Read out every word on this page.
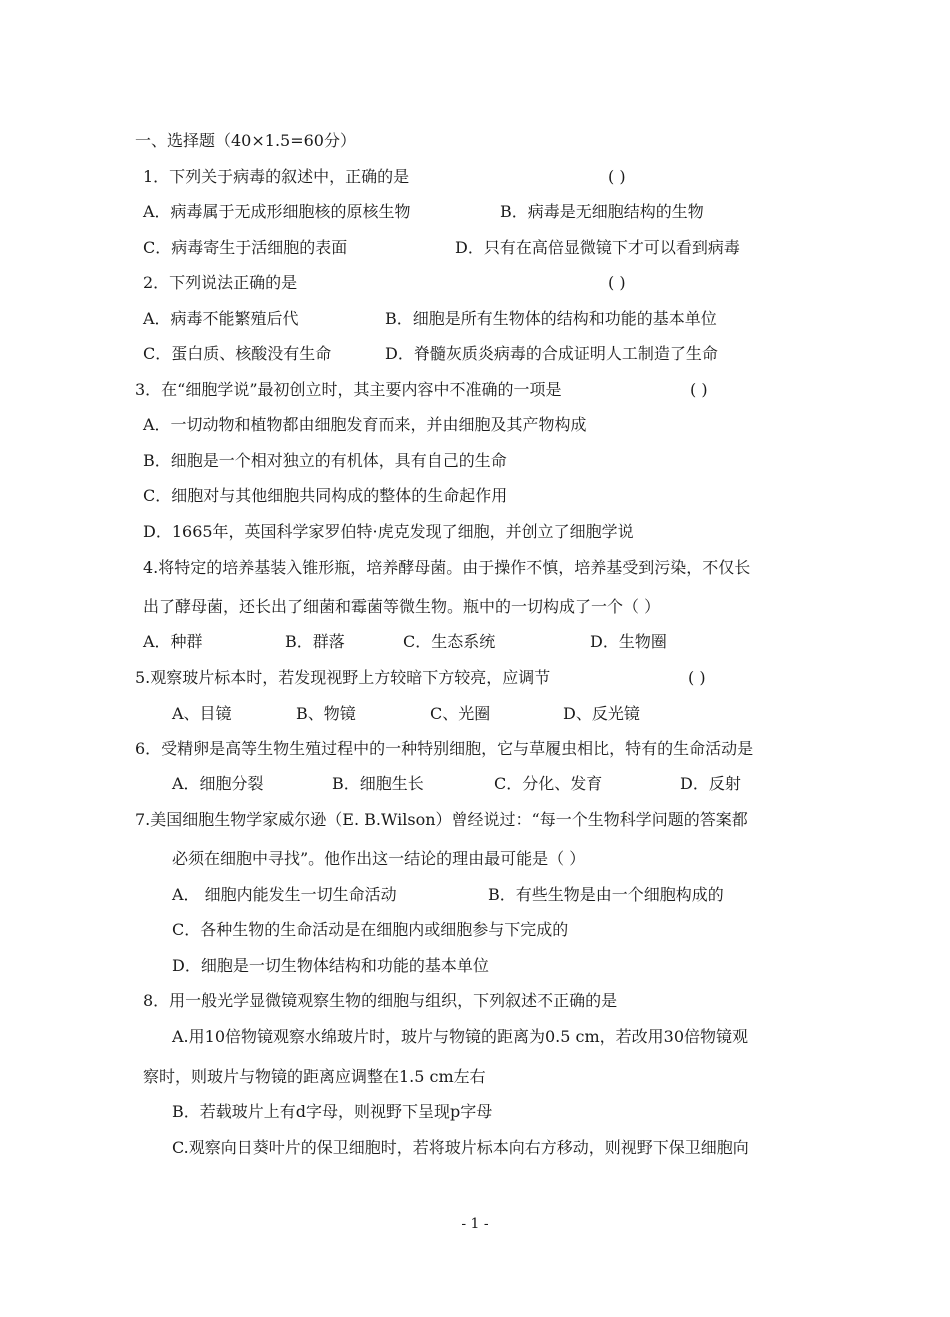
一、选择题（40×1.5=60分）
1．下列关于病毒的叙述中，正确的是	( )
A．病毒属于无成形细胞核的原核生物	B．病毒是无细胞结构的生物
C．病毒寄生于活细胞的表面	D．只有在高倍显微镜下才可以看到病毒
2．下列说法正确的是	( )
A．病毒不能繁殖后代	B．细胞是所有生物体的结构和功能的基本单位
C．蛋白质、核酸没有生命	D．脊髓灰质炎病毒的合成证明人工制造了生命
3．在“细胞学说”最初创立时，其主要内容中不准确的一项是	( )
A．一切动物和植物都由细胞发育而来，并由细胞及其产物构成
B．细胞是一个相对独立的有机体，具有自己的生命
C．细胞对与其他细胞共同构成的整体的生命起作用
D．1665年，英国科学家罗伯特·虎克发现了细胞，并创立了细胞学说
4.将特定的培养基装入锥形瓶，培养酵母菌。由于操作不慎，培养基受到污染，不仅长
出了酵母菌，还长出了细菌和霉菌等微生物。瓶中的一切构成了一个（ ）
A．种群	B．群落	C．生态系统	D．生物圈
5.观察玻片标本时，若发现视野上方较暗下方较亮，应调节	( )
A、目镜	B、物镜	C、光圈	D、反光镜
6．受精卵是高等生物生殖过程中的一种特别细胞，它与草履虫相比，特有的生命活动是
A．细胞分裂	B．细胞生长	C．分化、发育	D．反射
7.美国细胞生物学家威尔逊（E. B.Wilson）曾经说过：“每一个生物科学问题的答案都
必须在细胞中寻找”。他作出这一结论的理由最可能是（ ）
A． 细胞内能发生一切生命活动	B．有些生物是由一个细胞构成的
C．各种生物的生命活动是在细胞内或细胞参与下完成的
D．细胞是一切生物体结构和功能的基本单位
8．用一般光学显微镜观察生物的细胞与组织，下列叙述不正确的是
A.用10倍物镜观察水绵玻片时，玻片与物镜的距离为0.5 cm，若改用30倍物镜观
察时，则玻片与物镜的距离应调整在1.5 cm左右
B．若载玻片上有d字母，则视野下呈现p字母
C.观察向日葵叶片的保卫细胞时，若将玻片标本向右方移动，则视野下保卫细胞向
- 1 -
